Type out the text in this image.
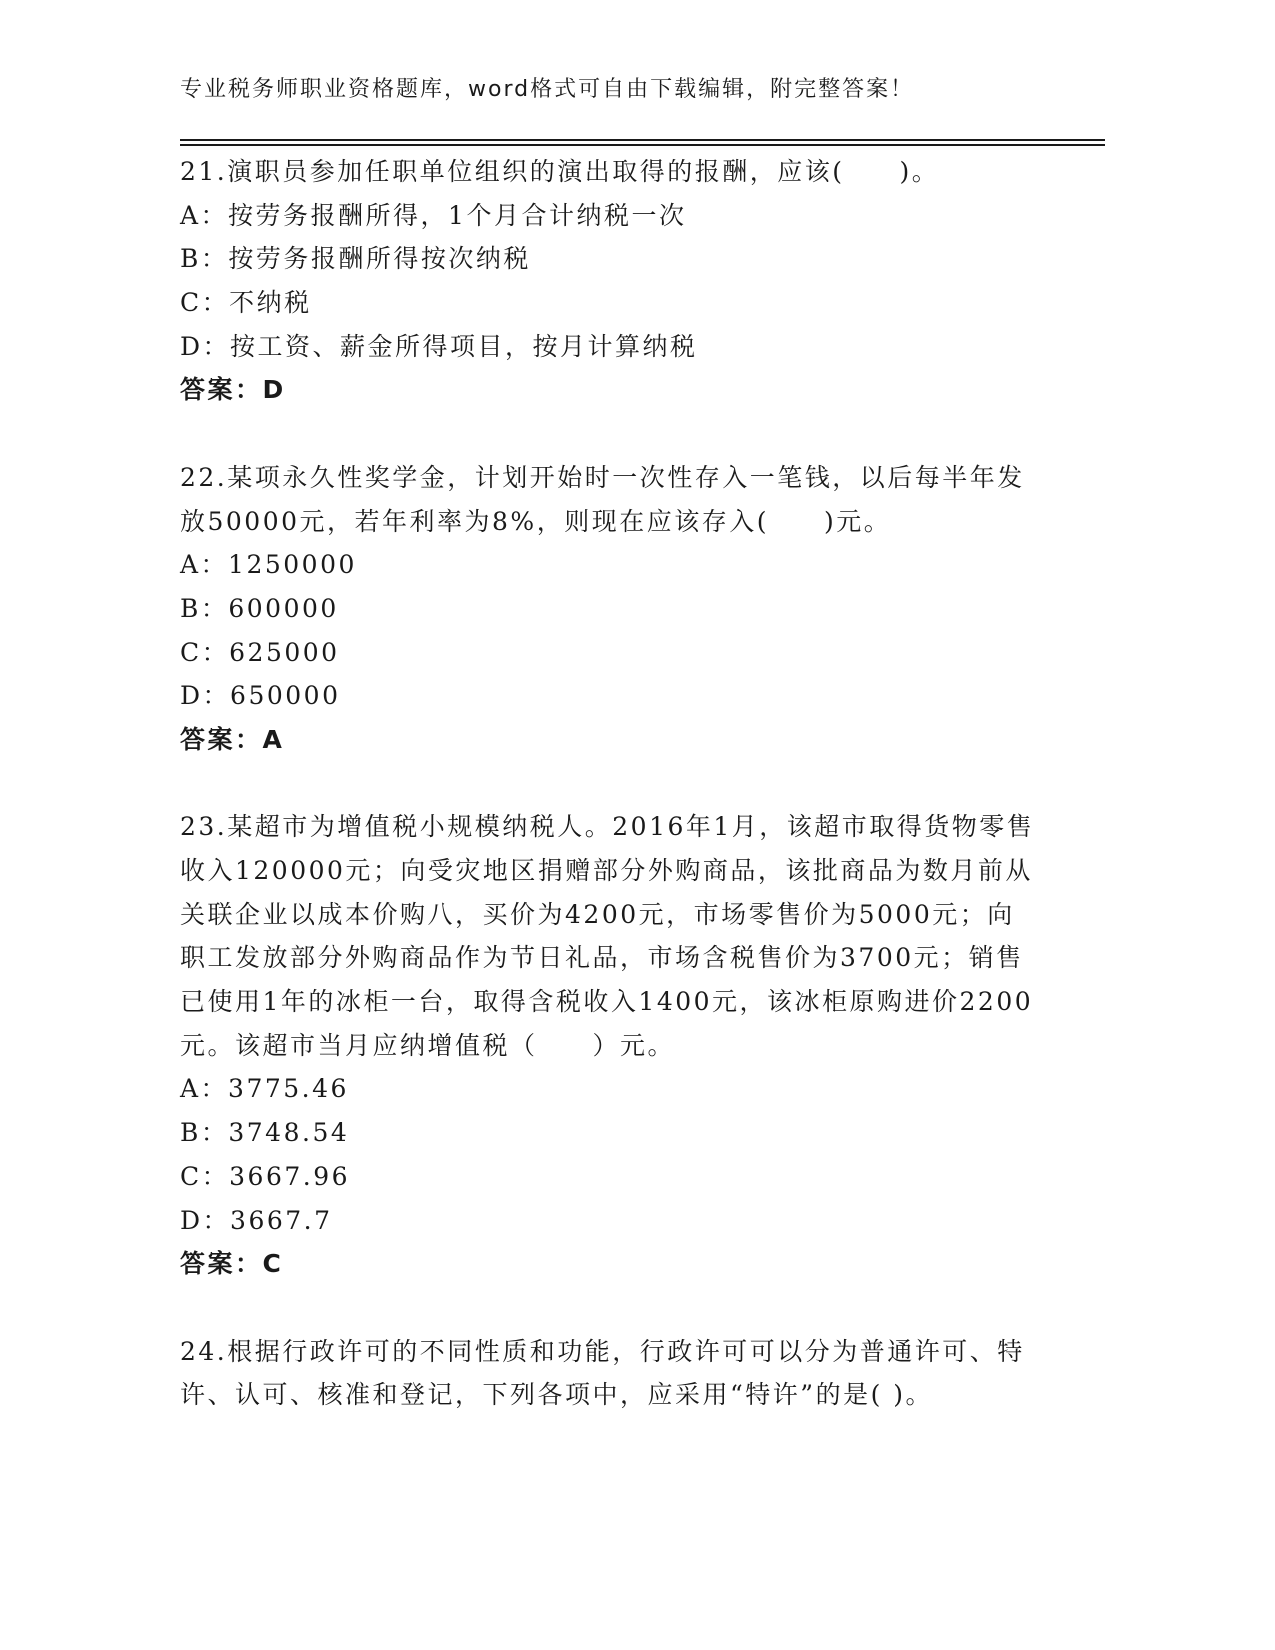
专业税务师职业资格题库，word格式可自由下载编辑，附完整答案！
21.演职员参加任职单位组织的演出取得的报酬，应该(　　)。
A：按劳务报酬所得，1个月合计纳税一次
B：按劳务报酬所得按次纳税
C：不纳税
D：按工资、薪金所得项目，按月计算纳税
答案：D
22.某项永久性奖学金，计划开始时一次性存入一笔钱，以后每半年发
放50000元，若年利率为8%，则现在应该存入(　　)元。
A：1250000
B：600000
C：625000
D：650000
答案：A
23.某超市为增值税小规模纳税人。2016年1月，该超市取得货物零售
收入120000元；向受灾地区捐赠部分外购商品，该批商品为数月前从
关联企业以成本价购八，买价为4200元，市场零售价为5000元；向
职工发放部分外购商品作为节日礼品，市场含税售价为3700元；销售
已使用1年的冰柜一台，取得含税收入1400元，该冰柜原购进价2200
元。该超市当月应纳增值税（　　）元。
A：3775.46
B：3748.54
C：3667.96
D：3667.7
答案：C
24.根据行政许可的不同性质和功能，行政许可可以分为普通许可、特
许、认可、核准和登记，下列各项中，应采用“特许”的是( )。
